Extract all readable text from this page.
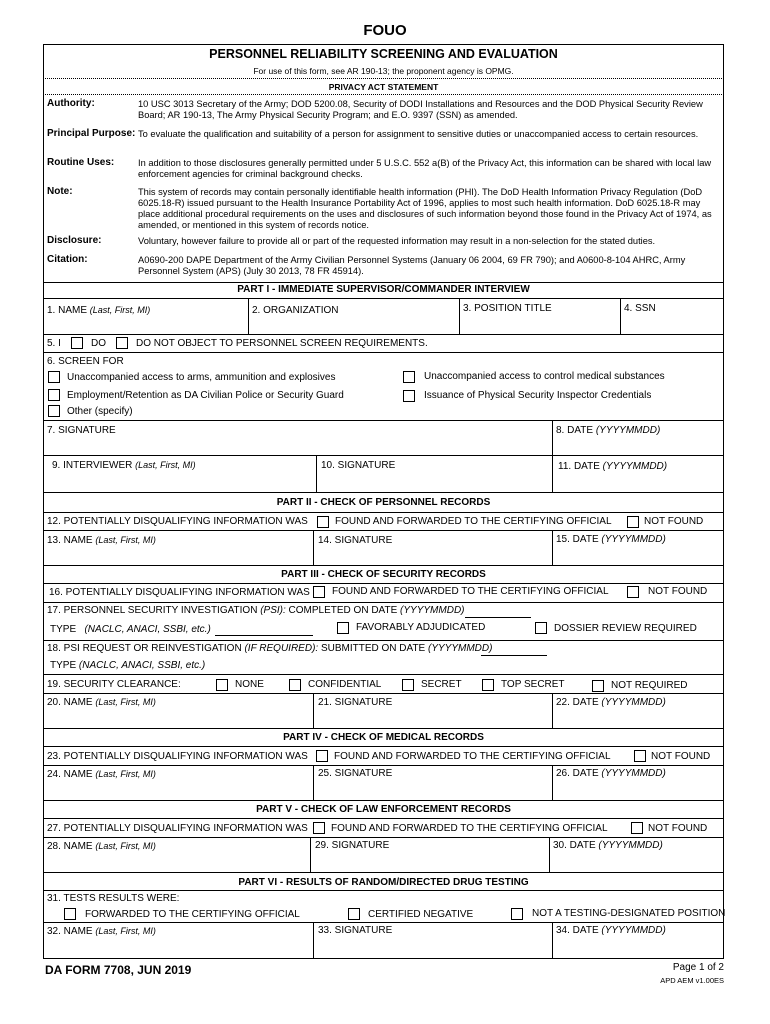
FOUO
PERSONNEL RELIABILITY SCREENING AND EVALUATION
For use of this form, see AR 190-13; the proponent agency is OPMG.
PRIVACY ACT STATEMENT
Authority:	10 USC 3013 Secretary of the Army; DOD 5200.08, Security of DODI Installations and Resources and the DOD Physical Security Review Board; AR 190-13, The Army Physical Security Program; and E.O. 9397 (SSN) as amended.
Principal Purpose: To evaluate the qualification and suitability of a person for assignment to sensitive duties or unaccompanied access to certain resources.
Routine Uses:	In addition to those disclosures generally permitted under 5 U.S.C. 552 a(B) of the Privacy Act, this information can be shared with local law enforcement agencies for criminal background checks.
Note:	This system of records may contain personally identifiable health information (PHI). The DoD Health Information Privacy Regulation (DoD 6025.18-R) issued pursuant to the Health Insurance Portability Act of 1996, applies to most such health information. DoD 6025.18-R may place additional procedural requirements on the uses and disclosures of such information beyond those found in the Privacy Act of 1974, as amended, or mentioned in this system of records notice.
Disclosure:	Voluntary, however failure to provide all or part of the requested information may result in a non-selection for the stated duties.
Citation:	A0690-200 DAPE Department of the Army Civilian Personnel Systems (January 06 2004, 69 FR 790); and A0600-8-104 AHRC, Army Personnel System (APS) (July 30 2013, 78 FR 45914).
PART I - IMMEDIATE SUPERVISOR/COMMANDER INTERVIEW
1. NAME (Last, First, MI)	2. ORGANIZATION	3. POSITION TITLE	4. SSN
5. I	DO	DO NOT OBJECT TO PERSONNEL SCREEN REQUIREMENTS.
6. SCREEN FOR
Unaccompanied access to arms, ammunition and explosives	Unaccompanied access to control medical substances
Employment/Retention as DA Civilian Police or Security Guard	Issuance of Physical Security Inspector Credentials
Other (specify)
7. SIGNATURE	8. DATE (YYYYMMDD)
9. INTERVIEWER (Last, First, MI)	10. SIGNATURE	11. DATE (YYYYMMDD)
PART II - CHECK OF PERSONNEL RECORDS
12. POTENTIALLY DISQUALIFYING INFORMATION WAS	FOUND AND FORWARDED TO THE CERTIFYING OFFICIAL	NOT FOUND
13. NAME (Last, First, MI)	14. SIGNATURE	15. DATE (YYYYMMDD)
PART III - CHECK OF SECURITY RECORDS
16. POTENTIALLY DISQUALIFYING INFORMATION WAS FOUND AND FORWARDED TO THE CERTIFYING OFFICIAL	NOT FOUND
17. PERSONNEL SECURITY INVESTIGATION (PSI): COMPLETED ON DATE (YYYYMMDD)
TYPE (NACLC, ANACI, SSBI, etc.)	FAVORABLY ADJUDICATED	DOSSIER REVIEW REQUIRED
18. PSI REQUEST OR REINVESTIGATION (IF REQUIRED): SUBMITTED ON DATE (YYYYMMDD)
TYPE (NACLC, ANACI, SSBI, etc.)
19. SECURITY CLEARANCE:	NONE	CONFIDENTIAL	SECRET	TOP SECRET	NOT REQUIRED
20. NAME (Last, First, MI)	21. SIGNATURE	22. DATE (YYYYMMDD)
PART IV - CHECK OF MEDICAL RECORDS
23. POTENTIALLY DISQUALIFYING INFORMATION WAS	FOUND AND FORWARDED TO THE CERTIFYING OFFICIAL	NOT FOUND
24. NAME (Last, First, MI)	25. SIGNATURE	26. DATE (YYYYMMDD)
PART V - CHECK OF LAW ENFORCEMENT RECORDS
27. POTENTIALLY DISQUALIFYING INFORMATION WAS FOUND AND FORWARDED TO THE CERTIFYING OFFICIAL	NOT FOUND
28. NAME (Last, First, MI)	29. SIGNATURE	30. DATE (YYYYMMDD)
PART VI - RESULTS OF RANDOM/DIRECTED DRUG TESTING
31. TESTS RESULTS WERE:
FORWARDED TO THE CERTIFYING OFFICIAL	CERTIFIED NEGATIVE	NOT A TESTING-DESIGNATED POSITION
32. NAME (Last, First, MI)	33. SIGNATURE	34. DATE (YYYYMMDD)
DA FORM 7708, JUN 2019	Page 1 of 2
APD AEM v1.00ES
